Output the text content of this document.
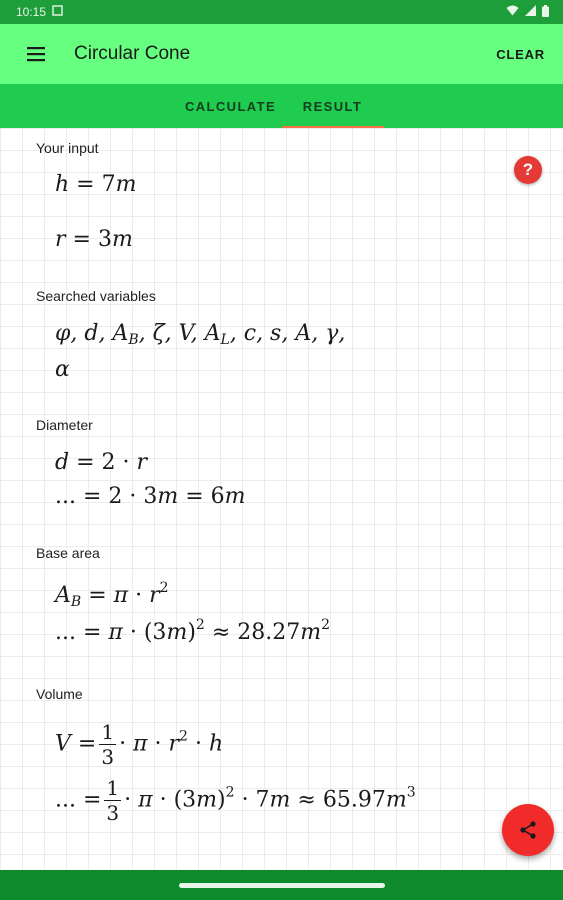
10:15
Circular Cone	CLEAR
CALCULATE	RESULT
Your input
h = 7m
r = 3m
Searched variables
φ, d, $A_B$, ζ, V, $A_L$, c, s, A, γ,
α
Diameter
d = 2 · r
... = 2 · 3m = 6m
Base area
$A_B = \pi \cdot r^2$
... = $\pi \cdot (3m)^2 \approx 28.27m^2$
Volume
$V = \frac{1}{3} \cdot \pi \cdot r^2 \cdot h$
... = $\frac{1}{3} \cdot \pi \cdot (3m)^2 \cdot 7m \approx 65.97m^3$
?
